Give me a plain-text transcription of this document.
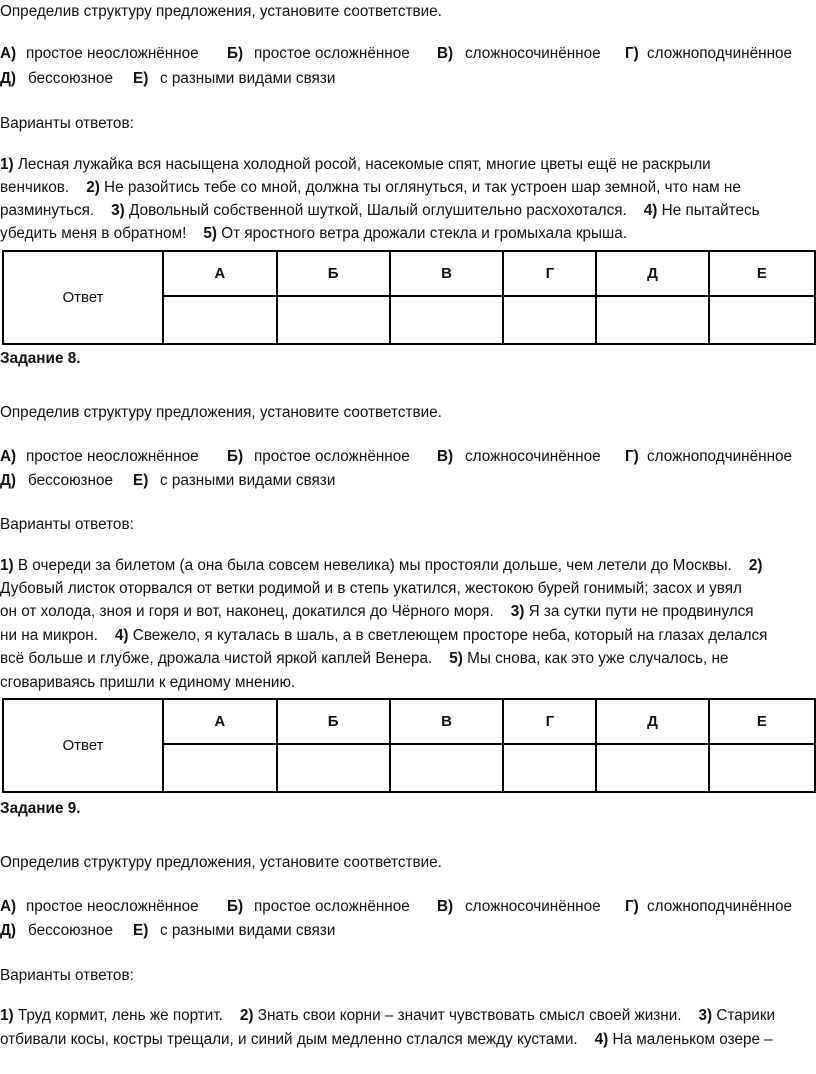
Определив структуру предложения, установите соответствие.
А) простое неосложнённое Б) простое осложнённое В) сложносочинённое Г) сложноподчинённое
Д) бессоюзное Е) с разными видами связи
Варианты ответов:
1) Лесная лужайка вся насыщена холодной росой, насекомые спят, многие цветы ещё не раскрыли
венчиков.    2) Не разойтись тебе со мной, должна ты оглянуться, и так устроен шар земной, что нам не
разминуться.    3) Довольный собственной шуткой, Шалый оглушительно расхохотался.    4) Не пытайтесь
убедить меня в обратном!    5) От яростного ветра дрожали стекла и громыхала крыша.
Ответ	А	Б	В	Г	Д	Е

Задание 8.
Определив структуру предложения, установите соответствие.
А) простое неосложнённое Б) простое осложнённое В) сложносочинённое Г) сложноподчинённое
Д) бессоюзное Е) с разными видами связи
Варианты ответов:
1) В очереди за билетом (а она была совсем невелика) мы простояли дольше, чем летели до Москвы.    2)
Дубовый листок оторвался от ветки родимой и в степь укатился, жестокою бурей гонимый; засох и увял
он от холода, зноя и горя и вот, наконец, докатился до Чёрного моря.    3) Я за сутки пути не продвинулся
ни на микрон.    4) Свежело, я куталась в шаль, а в светлеющем просторе неба, который на глазах делался
всё больше и глубже, дрожала чистой яркой каплей Венера.    5) Мы снова, как это уже случалось, не
сговариваясь пришли к единому мнению.
Ответ	А	Б	В	Г	Д	Е

Задание 9.
Определив структуру предложения, установите соответствие.
А) простое неосложнённое Б) простое осложнённое В) сложносочинённое Г) сложноподчинённое
Д) бессоюзное Е) с разными видами связи
Варианты ответов:
1) Труд кормит, лень же портит.    2) Знать свои корни – значит чувствовать смысл своей жизни.    3) Старики
отбивали косы, костры трещали, и синий дым медленно стлался между кустами.    4) На маленьком озере –
